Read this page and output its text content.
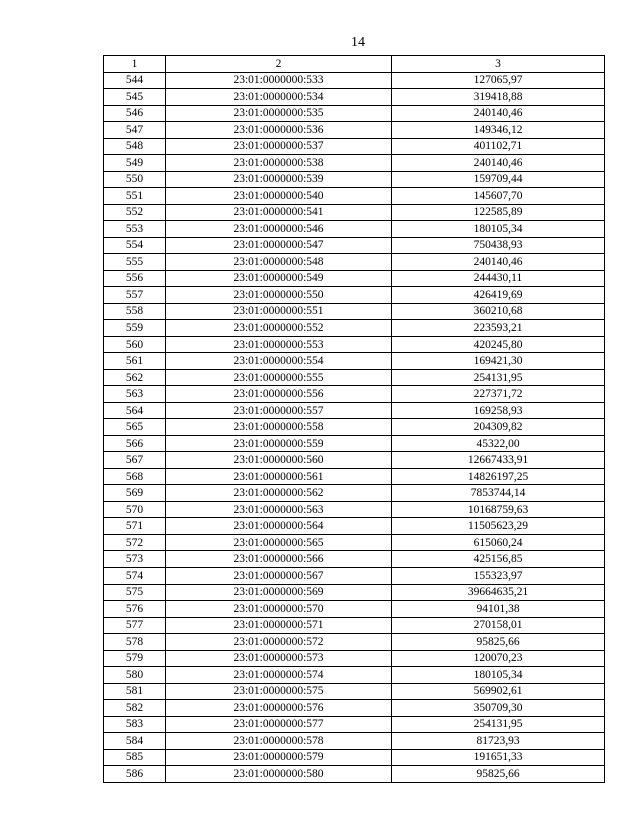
14
1	2	3
544	23:01:0000000:533	127065,97
545	23:01:0000000:534	319418,88
546	23:01:0000000:535	240140,46
547	23:01:0000000:536	149346,12
548	23:01:0000000:537	401102,71
549	23:01:0000000:538	240140,46
550	23:01:0000000:539	159709,44
551	23:01:0000000:540	145607,70
552	23:01:0000000:541	122585,89
553	23:01:0000000:546	180105,34
554	23:01:0000000:547	750438,93
555	23:01:0000000:548	240140,46
556	23:01:0000000:549	244430,11
557	23:01:0000000:550	426419,69
558	23:01:0000000:551	360210,68
559	23:01:0000000:552	223593,21
560	23:01:0000000:553	420245,80
561	23:01:0000000:554	169421,30
562	23:01:0000000:555	254131,95
563	23:01:0000000:556	227371,72
564	23:01:0000000:557	169258,93
565	23:01:0000000:558	204309,82
566	23:01:0000000:559	45322,00
567	23:01:0000000:560	12667433,91
568	23:01:0000000:561	14826197,25
569	23:01:0000000:562	7853744,14
570	23:01:0000000:563	10168759,63
571	23:01:0000000:564	11505623,29
572	23:01:0000000:565	615060,24
573	23:01:0000000:566	425156,85
574	23:01:0000000:567	155323,97
575	23:01:0000000:569	39664635,21
576	23:01:0000000:570	94101,38
577	23:01:0000000:571	270158,01
578	23:01:0000000:572	95825,66
579	23:01:0000000:573	120070,23
580	23:01:0000000:574	180105,34
581	23:01:0000000:575	569902,61
582	23:01:0000000:576	350709,30
583	23:01:0000000:577	254131,95
584	23:01:0000000:578	81723,93
585	23:01:0000000:579	191651,33
586	23:01:0000000:580	95825,66
